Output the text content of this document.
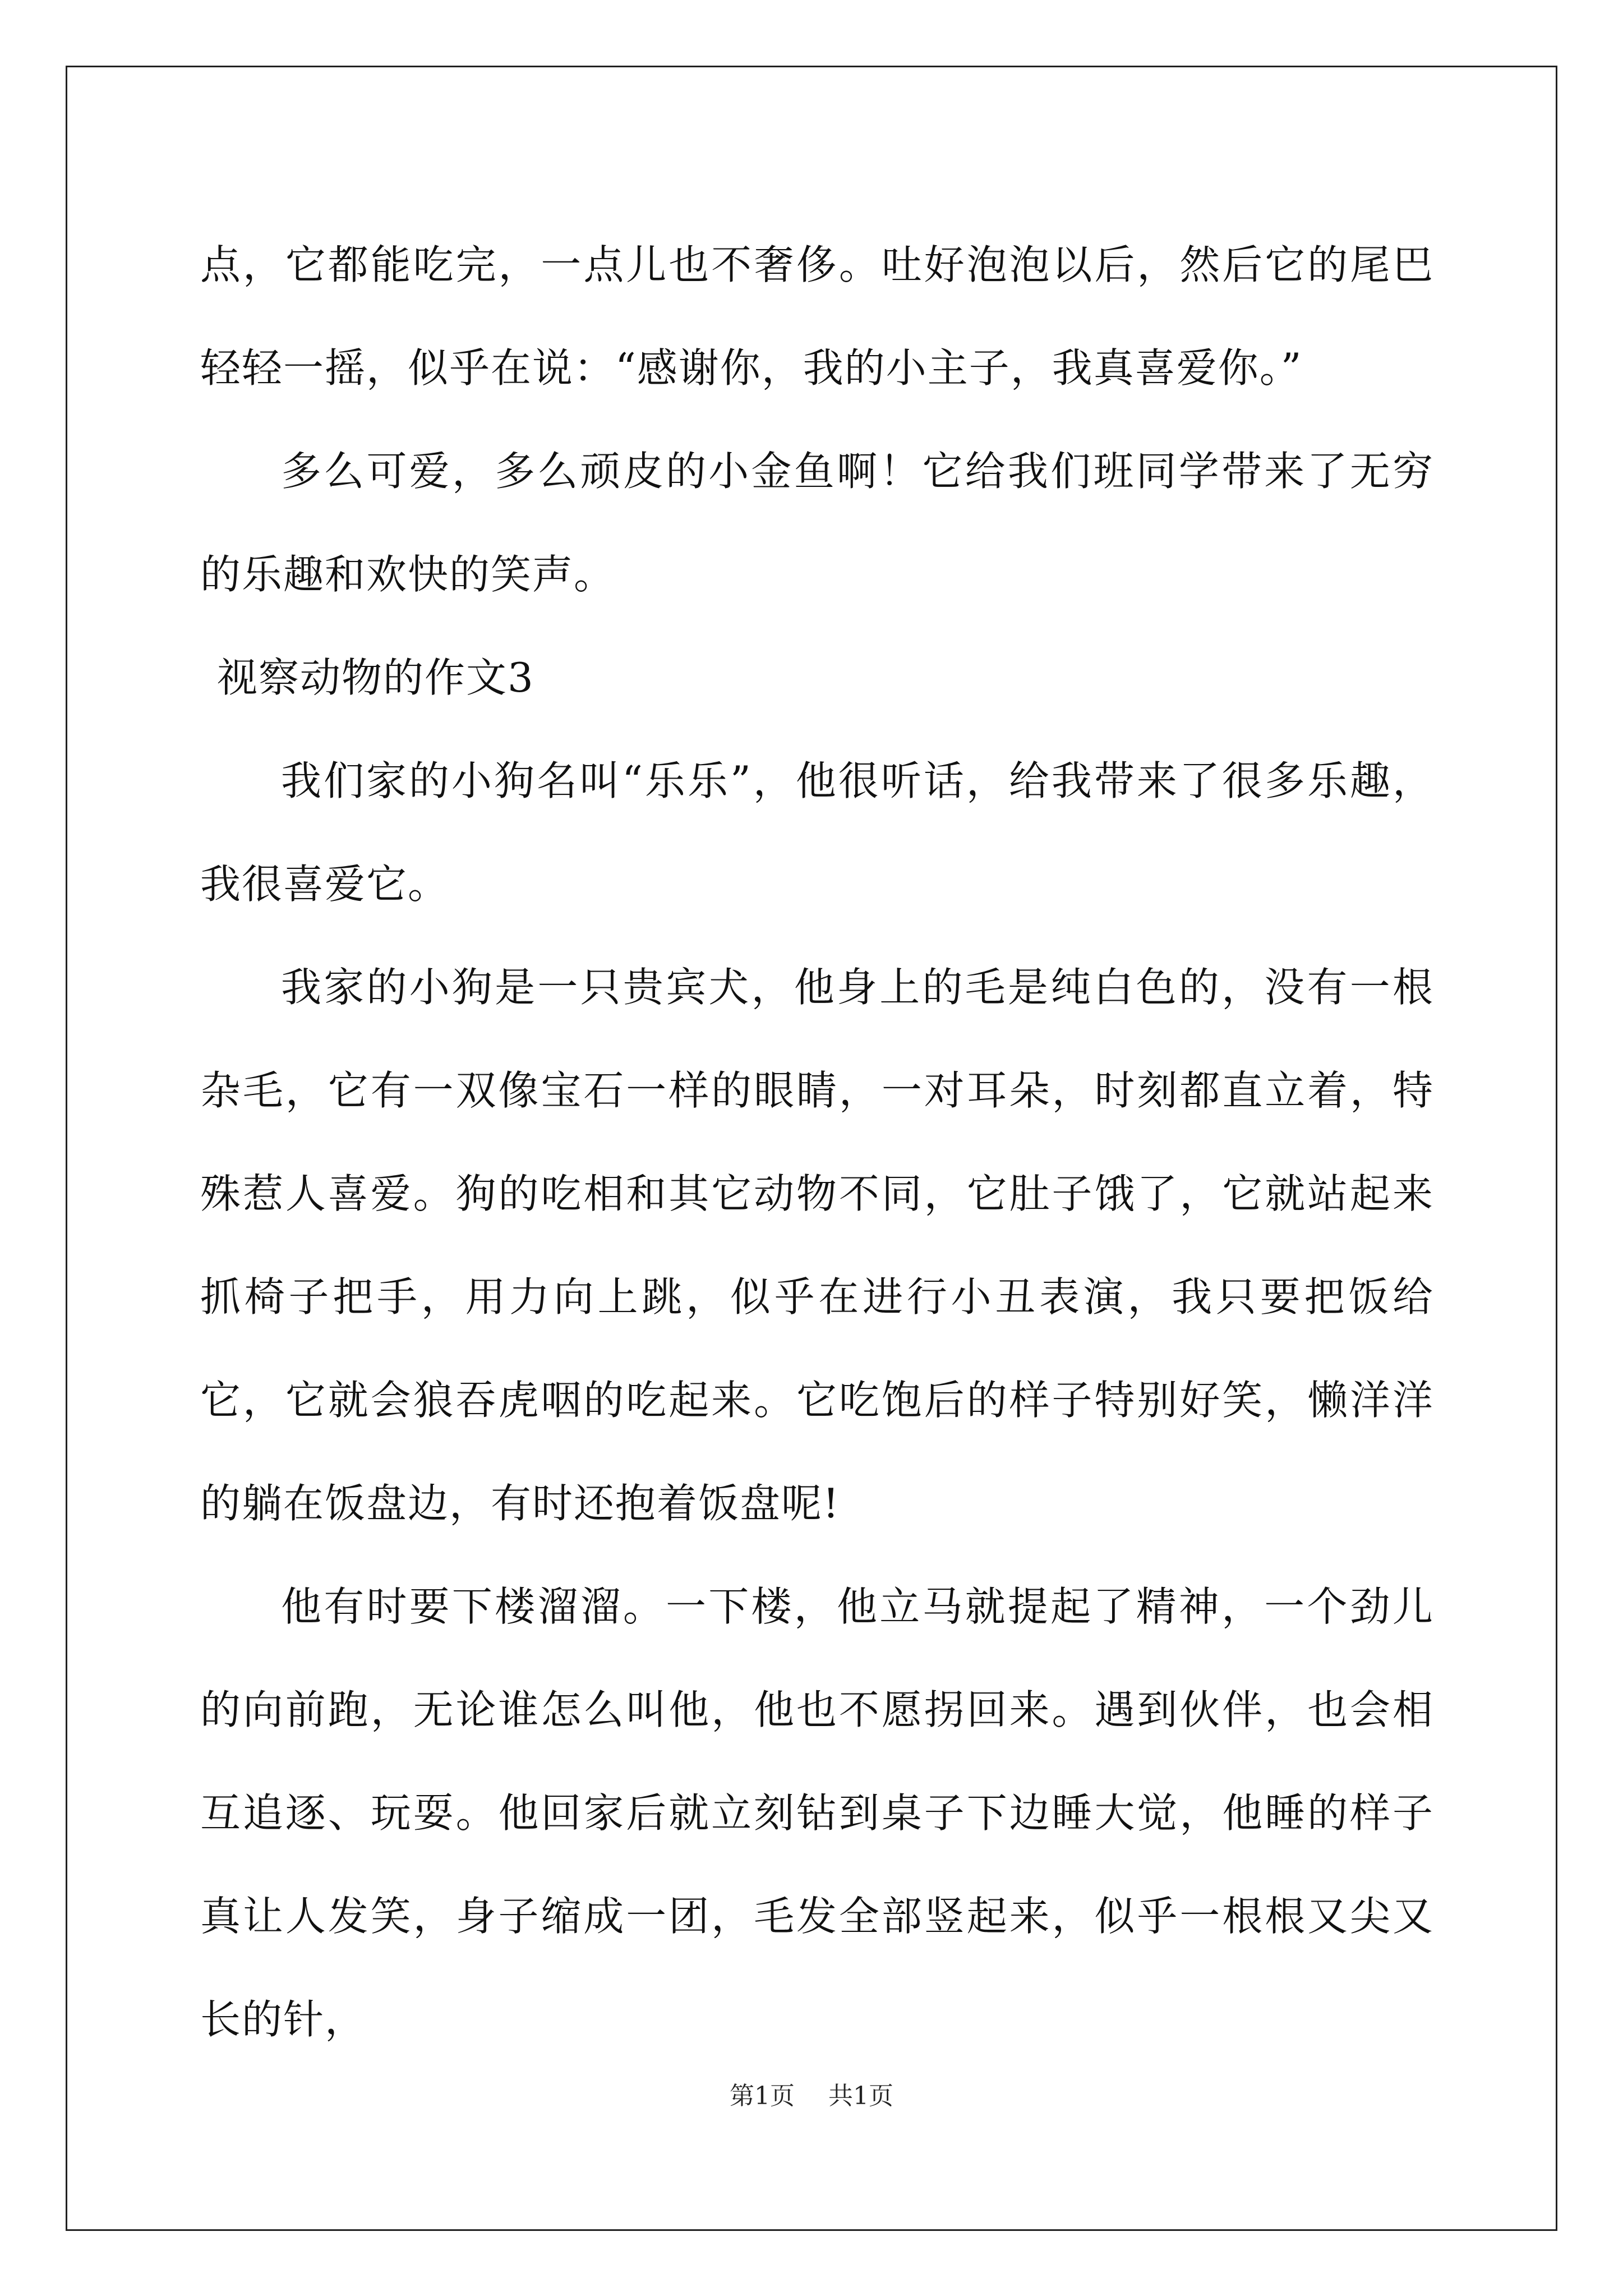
点，它都能吃完，一点儿也不奢侈。吐好泡泡以后，然后它的尾巴轻轻一摇，似乎在说：“感谢你，我的小主子，我真喜爱你。”

多么可爱，多么顽皮的小金鱼啊！它给我们班同学带来了无穷的乐趣和欢快的笑声。

视察动物的作文3

我们家的小狗名叫“乐乐”，他很听话，给我带来了很多乐趣，我很喜爱它。

我家的小狗是一只贵宾犬，他身上的毛是纯白色的，没有一根杂毛，它有一双像宝石一样的眼睛，一对耳朵，时刻都直立着，特殊惹人喜爱。狗的吃相和其它动物不同，它肚子饿了，它就站起来抓椅子把手，用力向上跳，似乎在进行小丑表演，我只要把饭给它，它就会狼吞虎咽的吃起来。它吃饱后的样子特别好笑，懒洋洋的躺在饭盘边，有时还抱着饭盘呢!

他有时要下楼溜溜。一下楼，他立马就提起了精神，一个劲儿的向前跑，无论谁怎么叫他，他也不愿拐回来。遇到伙伴，也会相互追逐、玩耍。他回家后就立刻钻到桌子下边睡大觉，他睡的样子真让人发笑，身子缩成一团，毛发全部竖起来，似乎一根根又尖又长的针，

第1页 共1页
